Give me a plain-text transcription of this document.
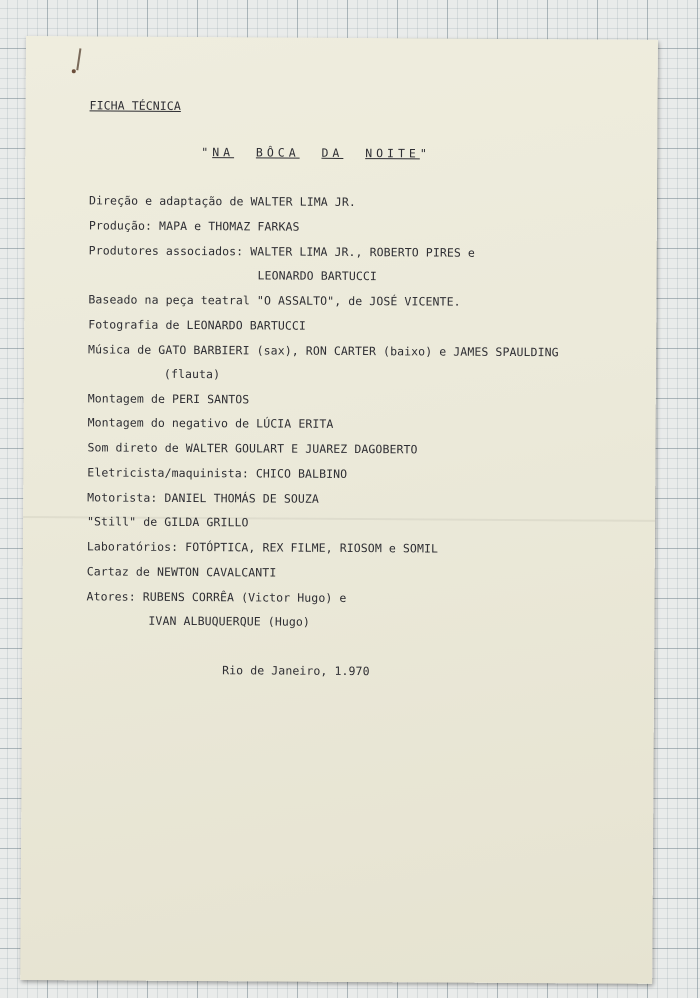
FICHA TÉCNICA
"NA BÔCA DA NOITE"
Direção e adaptação de WALTER LIMA JR.
Produção: MAPA e THOMAZ FARKAS
Produtores associados: WALTER LIMA JR., ROBERTO PIRES e
LEONARDO BARTUCCI
Baseado na peça teatral "O ASSALTO", de JOSÉ VICENTE.
Fotografia de LEONARDO BARTUCCI
Música de GATO BARBIERI (sax), RON CARTER (baixo) e JAMES SPAULDING
(flauta)
Montagem de PERI SANTOS
Montagem do negativo de LÚCIA ERITA
Som direto de WALTER GOULART E JUAREZ DAGOBERTO
Eletricista/maquinista: CHICO BALBINO
Motorista: DANIEL THOMÁS DE SOUZA
"Still" de GILDA GRILLO
Laboratórios: FOTÓPTICA, REX FILME, RIOSOM e SOMIL
Cartaz de NEWTON CAVALCANTI
Atores: RUBENS CORRÊA (Victor Hugo) e
IVAN ALBUQUERQUE (Hugo)
Rio de Janeiro, 1.970
